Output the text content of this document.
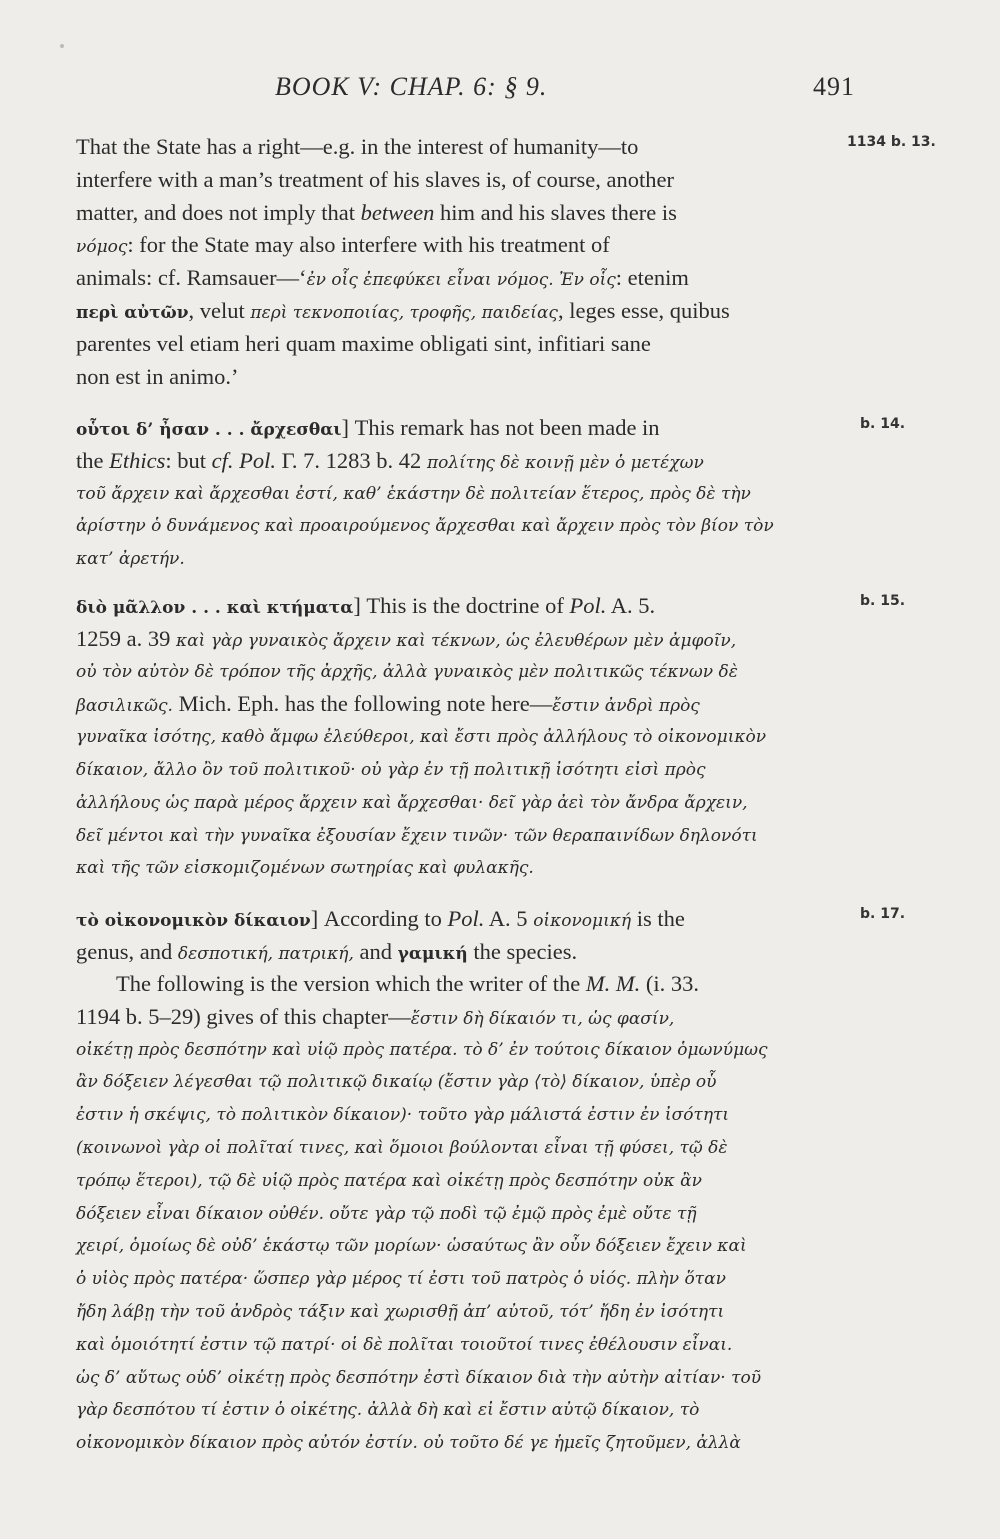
BOOK V: CHAP. 6: § 9.	491
That the State has a right—e.g. in the interest of humanity—to
interfere with a man’s treatment of his slaves is, of course, another
matter, and does not imply that between him and his slaves there is
νόμος: for the State may also interfere with his treatment of
animals: cf. Ramsauer—‘ἐν οἷς ἐπεφύκει εἶναι νόμος. Ἐν οἷς: etenim
περὶ αὐτῶν, velut περὶ τεκνοποιίας, τροφῆς, παιδείας, leges esse, quibus
parentes vel etiam heri quam maxime obligati sint, infitiari sane
non est in animo.’
1134 b. 13.
οὗτοι δ’ ἦσαν . . . ἄρχεσθαι] This remark has not been made in
the Ethics: but cf. Pol. Γ. 7. 1283 b. 42 πολίτης δὲ κοινῇ μὲν ὁ μετέχων
τοῦ ἄρχειν καὶ ἄρχεσθαι ἐστί, καθ’ ἑκάστην δὲ πολιτείαν ἕτερος, πρὸς δὲ τὴν
ἀρίστην ὁ δυνάμενος καὶ προαιρούμενος ἄρχεσθαι καὶ ἄρχειν πρὸς τὸν βίον τὸν
κατ’ ἀρετήν.
b. 14.
διὸ μᾶλλον . . . καὶ κτήματα] This is the doctrine of Pol. A. 5.
1259 a. 39 καὶ γὰρ γυναικὸς ἄρχειν καὶ τέκνων, ὡς ἐλευθέρων μὲν ἀμφοῖν,
οὐ τὸν αὐτὸν δὲ τρόπον τῆς ἀρχῆς, ἀλλὰ γυναικὸς μὲν πολιτικῶς τέκνων δὲ
βασιλικῶς. Mich. Eph. has the following note here—ἔστιν ἀνδρὶ πρὸς
γυναῖκα ἰσότης, καθὸ ἄμφω ἐλεύθεροι, καὶ ἔστι πρὸς ἀλλήλους τὸ οἰκονομικὸν
δίκαιον, ἄλλο ὂν τοῦ πολιτικοῦ· οὐ γὰρ ἐν τῇ πολιτικῇ ἰσότητι εἰσὶ πρὸς
ἀλλήλους ὡς παρὰ μέρος ἄρχειν καὶ ἄρχεσθαι· δεῖ γὰρ ἀεὶ τὸν ἄνδρα ἄρχειν,
δεῖ μέντοι καὶ τὴν γυναῖκα ἐξουσίαν ἔχειν τινῶν· τῶν θεραπαινίδων δηλονότι
καὶ τῆς τῶν εἰσκομιζομένων σωτηρίας καὶ φυλακῆς.
b. 15.
τὸ οἰκονομικὸν δίκαιον] According to Pol. A. 5 οἰκονομική is the
genus, and δεσποτική, πατρική, and γαμική the species.
b. 17.
The following is the version which the writer of the M. M. (i. 33.
1194 b. 5–29) gives of this chapter—ἔστιν δὴ δίκαιόν τι, ὡς φασίν,
οἰκέτῃ πρὸς δεσπότην καὶ υἱῷ πρὸς πατέρα. τὸ δ’ ἐν τούτοις δίκαιον ὁμωνύμως
ἂν δόξειεν λέγεσθαι τῷ πολιτικῷ δικαίῳ (ἔστιν γὰρ ⟨τὸ⟩ δίκαιον, ὑπὲρ οὗ
ἐστιν ἡ σκέψις, τὸ πολιτικὸν δίκαιον)· τοῦτο γὰρ μάλιστά ἐστιν ἐν ἰσότητι
(κοινωνοὶ γὰρ οἱ πολῖταί τινες, καὶ ὅμοιοι βούλονται εἶναι τῇ φύσει, τῷ δὲ
τρόπῳ ἕτεροι), τῷ δὲ υἱῷ πρὸς πατέρα καὶ οἰκέτῃ πρὸς δεσπότην οὐκ ἂν
δόξειεν εἶναι δίκαιον οὐθέν. οὔτε γὰρ τῷ ποδὶ τῷ ἐμῷ πρὸς ἐμὲ οὔτε τῇ
χειρί, ὁμοίως δὲ οὐδ’ ἑκάστῳ τῶν μορίων· ὡσαύτως ἂν οὖν δόξειεν ἔχειν καὶ
ὁ υἱὸς πρὸς πατέρα· ὥσπερ γὰρ μέρος τί ἐστι τοῦ πατρὸς ὁ υἱός. πλὴν ὅταν
ἤδη λάβῃ τὴν τοῦ ἀνδρὸς τάξιν καὶ χωρισθῇ ἀπ’ αὐτοῦ, τότ’ ἤδη ἐν ἰσότητι
καὶ ὁμοιότητί ἐστιν τῷ πατρί· οἱ δὲ πολῖται τοιοῦτοί τινες ἐθέλουσιν εἶναι.
ὡς δ’ αὔτως οὐδ’ οἰκέτῃ πρὸς δεσπότην ἐστὶ δίκαιον διὰ τὴν αὐτὴν αἰτίαν· τοῦ
γὰρ δεσπότου τί ἐστιν ὁ οἰκέτης. ἀλλὰ δὴ καὶ εἰ ἔστιν αὐτῷ δίκαιον, τὸ
οἰκονομικὸν δίκαιον πρὸς αὐτόν ἐστίν. οὐ τοῦτο δέ γε ἡμεῖς ζητοῦμεν, ἀλλὰ
